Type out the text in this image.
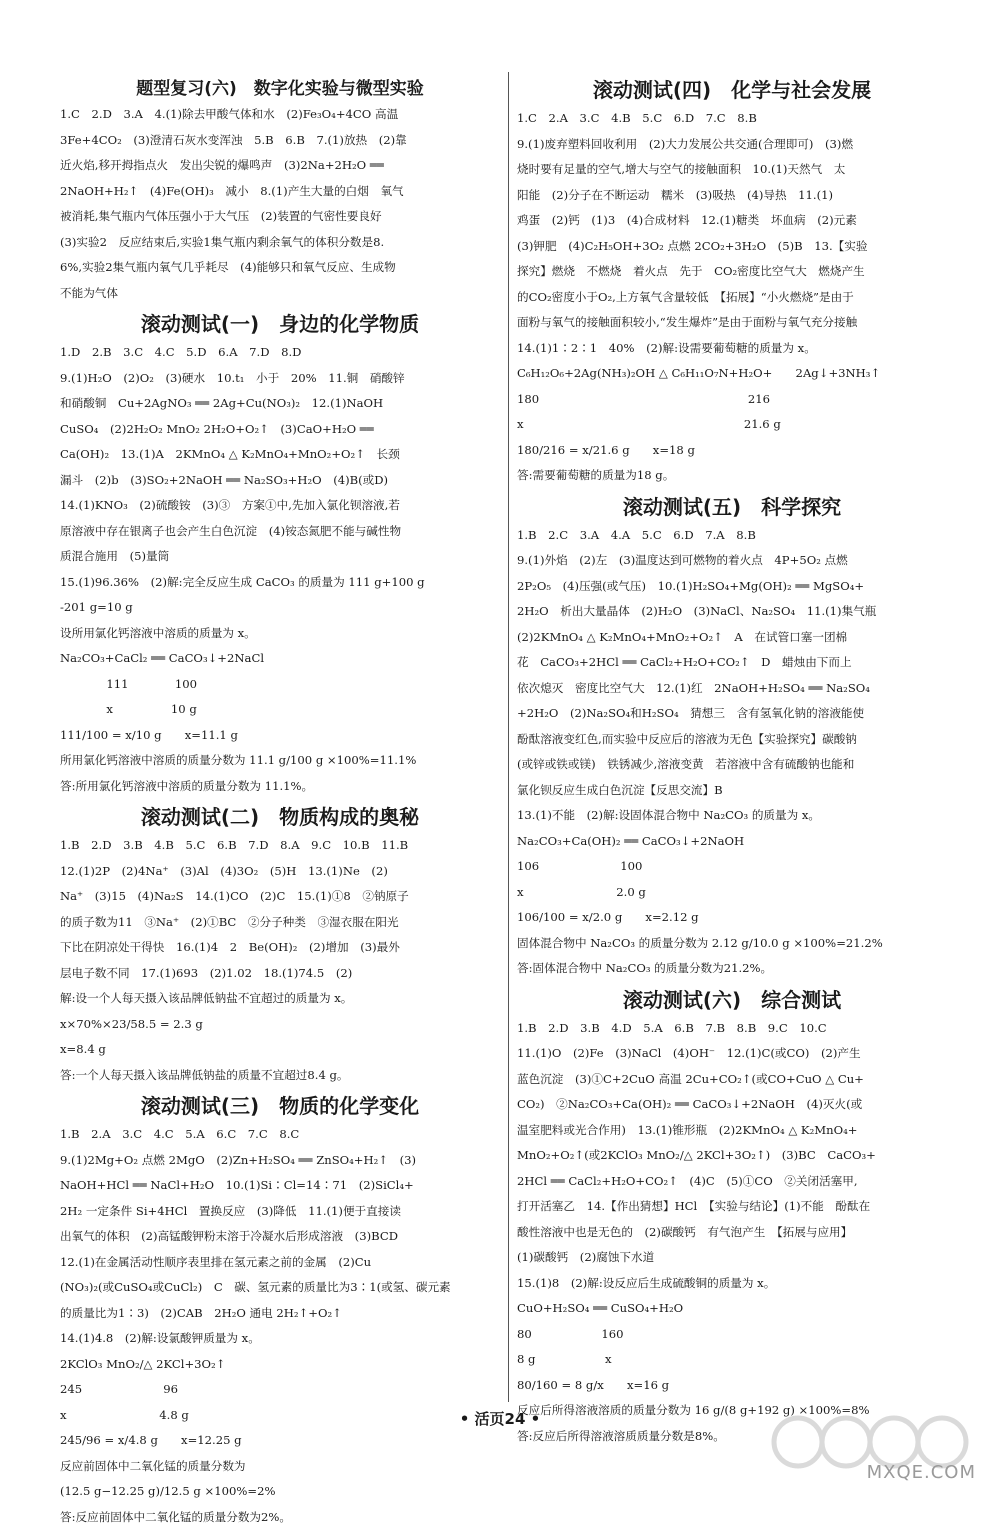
题型复习(六)　数字化实验与微型实验
1.C　2.D　3.A　4.(1)除去甲酸气体和水　(2)Fe₃O₄+4CO 高温
3Fe+4CO₂　(3)澄清石灰水变浑浊　5.B　6.B　7.(1)放热　(2)靠
近火焰,移开拇指点火　发出尖锐的爆鸣声　(3)2Na+2H₂O ══
2NaOH+H₂↑　(4)Fe(OH)₃　减小　8.(1)产生大量的白烟　氧气
被消耗,集气瓶内气体压强小于大气压　(2)装置的气密性要良好
(3)实验2　反应结束后,实验1集气瓶内剩余氧气的体积分数是8.
6%,实验2集气瓶内氧气几乎耗尽　(4)能够只和氧气反应、生成物
不能为气体
滚动测试(一)　身边的化学物质
1.D　2.B　3.C　4.C　5.D　6.A　7.D　8.D
9.(1)H₂O　(2)O₂　(3)硬水　10.t₁　小于　20%　11.铜　硝酸锌
和硝酸铜　Cu+2AgNO₃ ══ 2Ag+Cu(NO₃)₂　12.(1)NaOH
CuSO₄　(2)2H₂O₂ MnO₂ 2H₂O+O₂↑　(3)CaO+H₂O ══
Ca(OH)₂　13.(1)A　2KMnO₄ △ K₂MnO₄+MnO₂+O₂↑　长颈
漏斗　(2)b　(3)SO₂+2NaOH ══ Na₂SO₃+H₂O　(4)B(或D)
14.(1)KNO₃　(2)硫酸铵　(3)③　方案①中,先加入氯化钡溶液,若
原溶液中存在银离子也会产生白色沉淀　(4)铵态氮肥不能与碱性物
质混合施用　(5)量筒
15.(1)96.36%　(2)解:完全反应生成 CaCO₃ 的质量为 111 g+100 g
-201 g=10 g
设所用氯化钙溶液中溶质的质量为 x。
Na₂CO₃+CaCl₂ ══ CaCO₃↓+2NaCl
　　　　111　　　　100
　　　　x　　　　　10 g
111/100 = x/10 g　　x=11.1 g
所用氯化钙溶液中溶质的质量分数为 11.1 g/100 g ×100%=11.1%
答:所用氯化钙溶液中溶质的质量分数为 11.1%。
滚动测试(二)　物质构成的奥秘
1.B　2.D　3.B　4.B　5.C　6.B　7.D　8.A　9.C　10.B　11.B
12.(1)2P　(2)4Na⁺　(3)Al　(4)3O₂　(5)H　13.(1)Ne　(2)
Na⁺　(3)15　(4)Na₂S　14.(1)CO　(2)C　15.(1)①8　②钠原子
的质子数为11　③Na⁺　(2)①BC　②分子种类　③湿衣服在阳光
下比在阴凉处干得快　16.(1)4　2　Be(OH)₂　(2)增加　(3)最外
层电子数不同　17.(1)693　(2)1.02　18.(1)74.5　(2)
解:设一个人每天摄入该品牌低钠盐不宜超过的质量为 x。
x×70%×23/58.5 = 2.3 g
x=8.4 g
答:一个人每天摄入该品牌低钠盐的质量不宜超过8.4 g。
滚动测试(三)　物质的化学变化
1.B　2.A　3.C　4.C　5.A　6.C　7.C　8.C
9.(1)2Mg+O₂ 点燃 2MgO　(2)Zn+H₂SO₄ ══ ZnSO₄+H₂↑　(3)
NaOH+HCl ══ NaCl+H₂O　10.(1)Si∶Cl=14∶71　(2)SiCl₄+
2H₂ 一定条件 Si+4HCl　置换反应　(3)降低　11.(1)便于直接读
出氧气的体积　(2)高锰酸钾粉末溶于冷凝水后形成溶液　(3)BCD
12.(1)在金属活动性顺序表里排在氢元素之前的金属　(2)Cu
(NO₃)₂(或CuSO₄或CuCl₂)　C　碳、氢元素的质量比为3∶1(或氢、碳元素
的质量比为1∶3)　(2)CAB　2H₂O 通电 2H₂↑+O₂↑
14.(1)4.8　(2)解:设氯酸钾质量为 x。
2KClO₃ MnO₂/△ 2KCl+3O₂↑
245　　　　　　　96
x　　　　　　　　4.8 g
245/96 = x/4.8 g　　x=12.25 g
反应前固体中二氧化锰的质量分数为
(12.5 g−12.25 g)/12.5 g ×100%=2%
答:反应前固体中二氧化锰的质量分数为2%。
滚动测试(四)　化学与社会发展
1.C　2.A　3.C　4.B　5.C　6.D　7.C　8.B
9.(1)废弃塑料回收利用　(2)大力发展公共交通(合理即可)　(3)燃
烧时要有足量的空气,增大与空气的接触面积　10.(1)天然气　太
阳能　(2)分子在不断运动　糯米　(3)吸热　(4)导热　11.(1)
鸡蛋　(2)钙　(1)3　(4)合成材料　12.(1)糖类　坏血病　(2)元素
(3)钾肥　(4)C₂H₅OH+3O₂ 点燃 2CO₂+3H₂O　(5)B　13.【实验
探究】燃烧　不燃烧　着火点　先于　CO₂密度比空气大　燃烧产生
的CO₂密度小于O₂,上方氧气含量较低　【拓展】“小火燃烧”是由于
面粉与氧气的接触面积较小,“发生爆炸”是由于面粉与氧气充分接触
14.(1)1∶2∶1　40%　(2)解:设需要葡萄糖的质量为 x。
C₆H₁₂O₆+2Ag(NH₃)₂OH △ C₆H₁₁O₇N+H₂O+　　2Ag↓+3NH₃↑
180　　　　　　　　　　　　　　　　　　216
x　　　　　　　　　　　　　　　　　　　21.6 g
180/216 = x/21.6 g　　x=18 g
答:需要葡萄糖的质量为18 g。
滚动测试(五)　科学探究
1.B　2.C　3.A　4.A　5.C　6.D　7.A　8.B
9.(1)外焰　(2)左　(3)温度达到可燃物的着火点　4P+5O₂ 点燃
2P₂O₅　(4)压强(或气压)　10.(1)H₂SO₄+Mg(OH)₂ ══ MgSO₄+
2H₂O　析出大量晶体　(2)H₂O　(3)NaCl、Na₂SO₄　11.(1)集气瓶
(2)2KMnO₄ △ K₂MnO₄+MnO₂+O₂↑　A　在试管口塞一团棉
花　CaCO₃+2HCl ══ CaCl₂+H₂O+CO₂↑　D　蜡烛由下而上
依次熄灭　密度比空气大　12.(1)红　2NaOH+H₂SO₄ ══ Na₂SO₄
+2H₂O　(2)Na₂SO₄和H₂SO₄　猜想三　含有氢氧化钠的溶液能使
酚酞溶液变红色,而实验中反应后的溶液为无色【实验探究】碳酸钠
(或锌或铁或镁)　铁锈减少,溶液变黄　若溶液中含有硫酸钠也能和
氯化钡反应生成白色沉淀【反思交流】B
13.(1)不能　(2)解:设固体混合物中 Na₂CO₃ 的质量为 x。
Na₂CO₃+Ca(OH)₂ ══ CaCO₃↓+2NaOH
106　　　　　　　100
x　　　　　　　　2.0 g
106/100 = x/2.0 g　　x=2.12 g
固体混合物中 Na₂CO₃ 的质量分数为 2.12 g/10.0 g ×100%=21.2%
答:固体混合物中 Na₂CO₃ 的质量分数为21.2%。
滚动测试(六)　综合测试
1.B　2.D　3.B　4.D　5.A　6.B　7.B　8.B　9.C　10.C
11.(1)O　(2)Fe　(3)NaCl　(4)OH⁻　12.(1)C(或CO)　(2)产生
蓝色沉淀　(3)①C+2CuO 高温 2Cu+CO₂↑(或CO+CuO △ Cu+
CO₂)　②Na₂CO₃+Ca(OH)₂ ══ CaCO₃↓+2NaOH　(4)灭火(或
温室肥料或光合作用)　13.(1)锥形瓶　(2)2KMnO₄ △ K₂MnO₄+
MnO₂+O₂↑(或2KClO₃ MnO₂/△ 2KCl+3O₂↑)　(3)BC　CaCO₃+
2HCl ══ CaCl₂+H₂O+CO₂↑　(4)C　(5)①CO　②关闭活塞甲,
打开活塞乙　14.【作出猜想】HCl　【实验与结论】(1)不能　酚酞在
酸性溶液中也是无色的　(2)碳酸钙　有气泡产生　【拓展与应用】
(1)碳酸钙　(2)腐蚀下水道
15.(1)8　(2)解:设反应后生成硫酸铜的质量为 x。
CuO+H₂SO₄ ══ CuSO₄+H₂O
80　　　　　　160
8 g　　　　　　x
80/160 = 8 g/x　　x=16 g
反应后所得溶液溶质的质量分数为 16 g/(8 g+192 g) ×100%=8%
答:反应后所得溶液溶质质量分数是8%。
• 活页24 •
MXQE.COM
